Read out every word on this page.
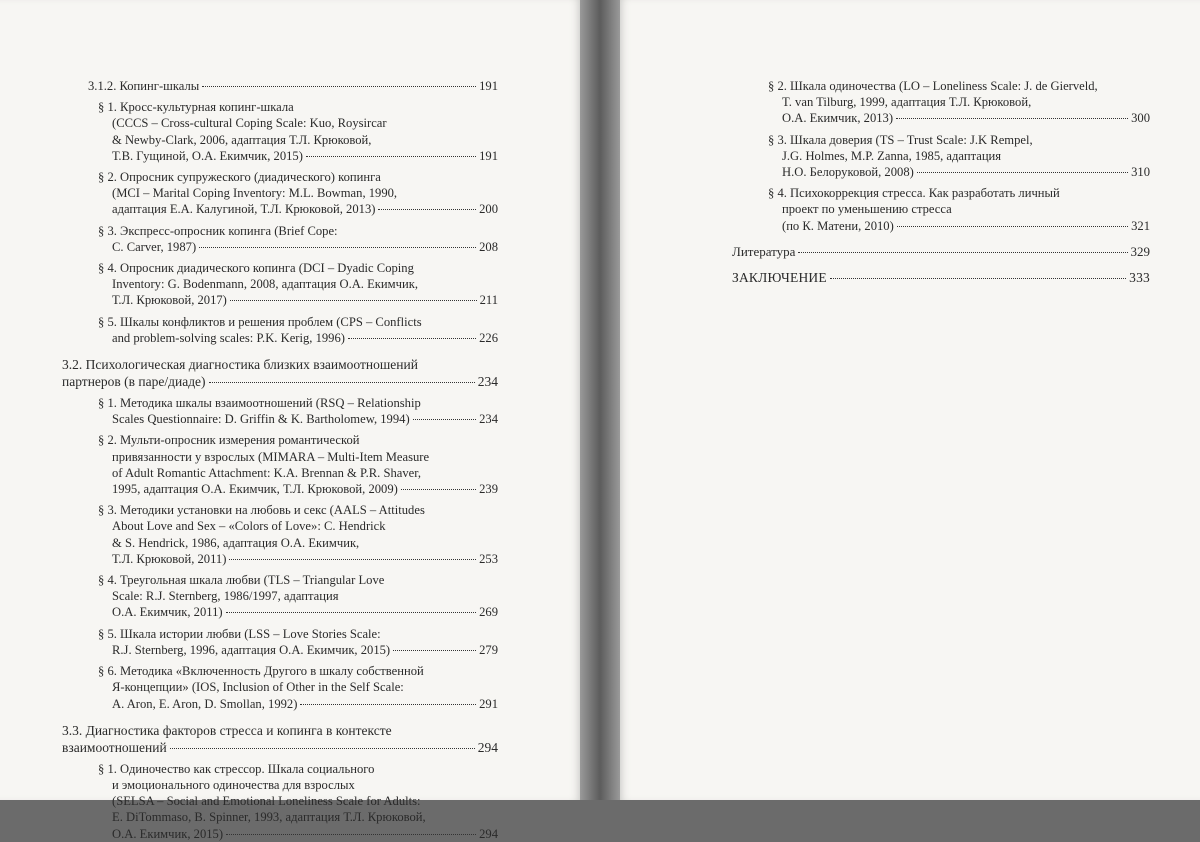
3.1.2. Копинг-шкалы	191
§ 1. Кросс-культурная копинг-шкала
(CCCS – Cross-cultural Coping Scale: Kuo, Roysircar
& Newby-Clark, 2006, адаптация Т.Л. Крюковой,
Т.В. Гущиной, О.А. Екимчик, 2015)	191
§ 2. Опросник супружеского (диадического) копинга
(MCI – Marital Coping Inventory: M.L. Bowman, 1990,
адаптация Е.А. Калугиной, Т.Л. Крюковой, 2013)	200
§ 3. Экспресс-опросник копинга (Brief Cope:
C. Carver, 1987)	208
§ 4. Опросник диадического копинга (DCI – Dyadic Coping
Inventory: G. Bodenmann, 2008, адаптация О.А. Екимчик,
Т.Л. Крюковой, 2017)	211
§ 5. Шкалы конфликтов и решения проблем (CPS – Conflicts
and problem-solving scales: P.K. Kerig, 1996)	226
3.2. Психологическая диагностика близких взаимоотношений
партнеров (в паре/диаде)	234
§ 1. Методика шкалы взаимоотношений (RSQ – Relationship
Scales Questionnaire: D. Griffin & K. Bartholomew, 1994)	234
§ 2. Мульти-опросник измерения романтической
привязанности у взрослых (MIMARA – Multi-Item Measure
of Adult Romantic Attachment: K.A. Brennan & P.R. Shaver,
1995, адаптация О.А. Екимчик, Т.Л. Крюковой, 2009)	239
§ 3. Методики установки на любовь и секс (AALS – Attitudes
About Love and Sex – «Colors of Love»: C. Hendrick
& S. Hendrick, 1986, адаптация О.А. Екимчик,
Т.Л. Крюковой, 2011)	253
§ 4. Треугольная шкала любви (TLS – Triangular Love
Scale: R.J. Sternberg, 1986/1997, адаптация
О.А. Екимчик, 2011)	269
§ 5. Шкала истории любви (LSS – Love Stories Scale:
R.J. Sternberg, 1996, адаптация О.А. Екимчик, 2015)	279
§ 6. Методика «Включенность Другого в шкалу собственной
Я-концепции» (IOS, Inclusion of Other in the Self Scale:
A. Aron, E. Aron, D. Smollan, 1992)	291
3.3. Диагностика факторов стресса и копинга в контексте
взаимоотношений	294
§ 1. Одиночество как стрессор. Шкала социального
и эмоционального одиночества для взрослых
(SELSA – Social and Emotional Loneliness Scale for Adults:
E. DiTommaso, B. Spinner, 1993, адаптация Т.Л. Крюковой,
О.А. Екимчик, 2015)	294
§ 2. Шкала одиночества (LO – Loneliness Scale: J. de Gierveld,
T. van Tilburg, 1999, адаптация Т.Л. Крюковой,
О.А. Екимчик, 2013)	300
§ 3. Шкала доверия (TS – Trust Scale: J.K Rempel,
J.G. Holmes, M.P. Zanna, 1985, адаптация
Н.О. Белоруковой, 2008)	310
§ 4. Психокоррекция стресса. Как разработать личный
проект по уменьшению стресса
(по К. Матени, 2010)	321
Литература	329
ЗАКЛЮЧЕНИЕ	333
